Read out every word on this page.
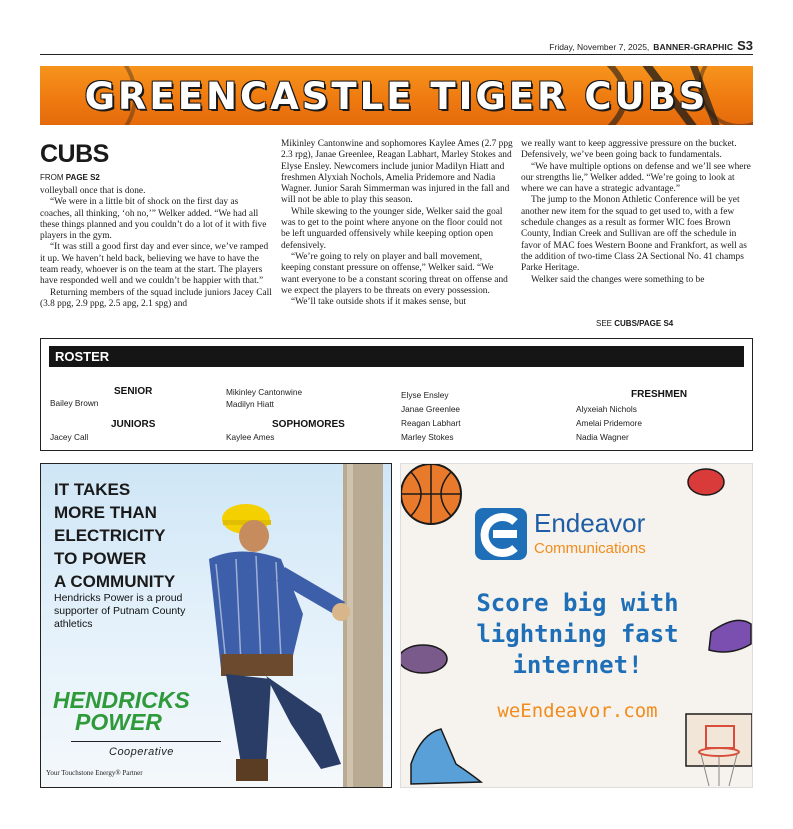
Friday, November 7, 2025, BANNER-GRAPHIC S3
GREENCASTLE TIGER CUBS
CUBS
FROM PAGE S2

volleyball once that is done.

“We were in a little bit of shock on the first day as coaches, all thinking, ‘oh no,’” Welker added. “We had all these things planned and you couldn’t do a lot of it with five players in the gym.

“It was still a good first day and ever since, we’ve ramped it up. We haven’t held back, believing we have to have the team ready, whoever is on the team at the start. The players have responded well and we couldn’t be happier with that.”

Returning members of the squad include juniors Jacey Call (3.8 ppg, 2.9 ppg, 2.5 apg, 2.1 spg) and

Mikinley Cantonwine and sophomores Kaylee Ames (2.7 ppg 2.3 rpg), Janae Greenlee, Reagan Labhart, Marley Stokes and Elyse Ensley. Newcomers include junior Madilyn Hiatt and freshmen Alyxiah Nochols, Amelia Pridemore and Nadia Wagner. Junior Sarah Simmerman was injured in the fall and will not be able to play this season.

While skewing to the younger side, Welker said the goal was to get to the point where anyone on the floor could not be left unguarded offensively while keeping option open defensively.

“We’re going to rely on player and ball movement, keeping constant pressure on offense,” Welker said. “We want everyone to be a constant scoring threat on offense and we expect the players to be threats on every possession.

“We’ll take outside shots if it makes sense, but

we really want to keep aggressive pressure on the bucket. Defensively, we’ve been going back to fundamentals.

“We have multiple options on defense and we’ll see where our strengths lie,” Welker added. “We’re going to look at where we can have a strategic advantage.”

The jump to the Monon Athletic Conference will be yet another new item for the squad to get used to, with a few schedule changes as a result as former WIC foes Brown County, Indian Creek and Sullivan are off the schedule in favor of MAC foes Western Boone and Frankfort, as well as the addition of two-time Class 2A Sectional No. 41 champs Parke Heritage.

Welker said the changes were something to be

SEE CUBS/PAGE S4
ROSTER
SENIOR
Bailey Brown
JUNIORS
Jacey Call
Mikinley Cantonwine
Madilyn Hiatt
SOPHOMORES
Kaylee Ames
Elyse Ensley
Janae Greenlee
Reagan Labhart
Marley Stokes
FRESHMEN
Alyxeiah Nichols
Amelai Pridemore
Nadia Wagner
IT TAKES
MORE THAN
ELECTRICITY
TO POWER
A COMMUNITY
Hendricks Power is a proud supporter of Putnam County athletics
HENDRICKS
POWER
Cooperative
Your Touchstone Energy® Partner
Endeavor
Communications
Score big with
lightning fast
internet!
weEndeavor.com
